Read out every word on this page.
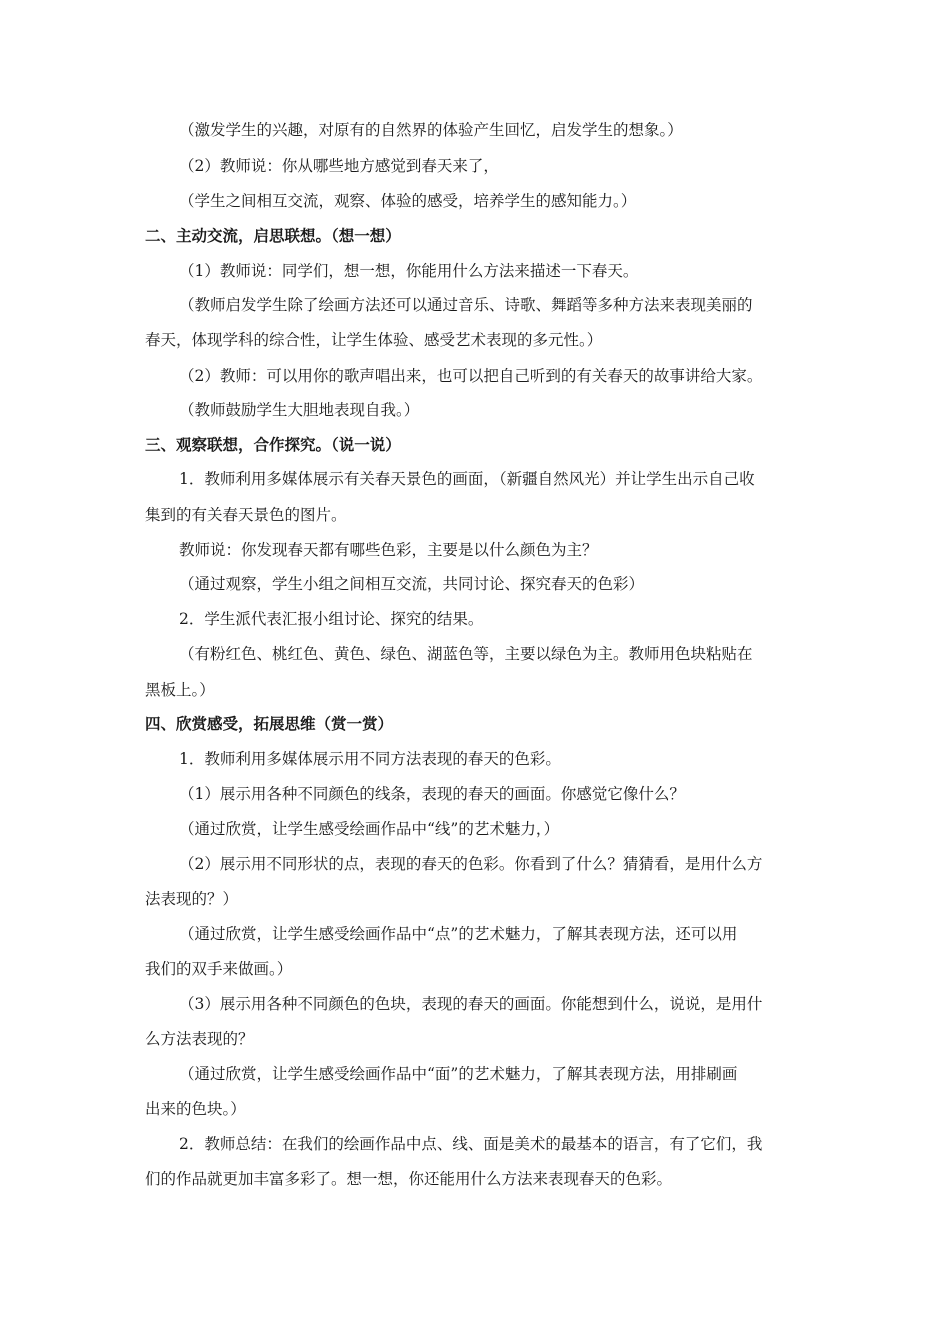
（激发学生的兴趣，对原有的自然界的体验产生回忆，启发学生的想象。）
（2）教师说：你从哪些地方感觉到春天来了，
（学生之间相互交流，观察、体验的感受，培养学生的感知能力。）
二、主动交流，启思联想。（想一想）
（1）教师说：同学们，想一想，你能用什么方法来描述一下春天。
（教师启发学生除了绘画方法还可以通过音乐、诗歌、舞蹈等多种方法来表现美丽的
春天，体现学科的综合性，让学生体验、感受艺术表现的多元性。）
（2）教师：可以用你的歌声唱出来，也可以把自己听到的有关春天的故事讲给大家。
（教师鼓励学生大胆地表现自我。）
三、观察联想，合作探究。（说一说）
1．教师利用多媒体展示有关春天景色的画面，（新疆自然风光）并让学生出示自己收
集到的有关春天景色的图片。
教师说：你发现春天都有哪些色彩，主要是以什么颜色为主？
（通过观察，学生小组之间相互交流，共同讨论、探究春天的色彩）
2．学生派代表汇报小组讨论、探究的结果。
（有粉红色、桃红色、黄色、绿色、湖蓝色等，主要以绿色为主。教师用色块粘贴在
黑板上。）
四、欣赏感受，拓展思维（赏一赏）
1．教师利用多媒体展示用不同方法表现的春天的色彩。
（1）展示用各种不同颜色的线条，表现的春天的画面。你感觉它像什么？
（通过欣赏，让学生感受绘画作品中“线”的艺术魅力，）
（2）展示用不同形状的点，表现的春天的色彩。你看到了什么？猜猜看，是用什么方
法表现的？）
（通过欣赏，让学生感受绘画作品中“点”的艺术魅力，了解其表现方法，还可以用
我们的双手来做画。）
（3）展示用各种不同颜色的色块，表现的春天的画面。你能想到什么，说说，是用什
么方法表现的？
（通过欣赏，让学生感受绘画作品中“面”的艺术魅力，了解其表现方法，用排刷画
出来的色块。）
2．教师总结：在我们的绘画作品中点、线、面是美术的最基本的语言，有了它们，我
们的作品就更加丰富多彩了。想一想，你还能用什么方法来表现春天的色彩。
